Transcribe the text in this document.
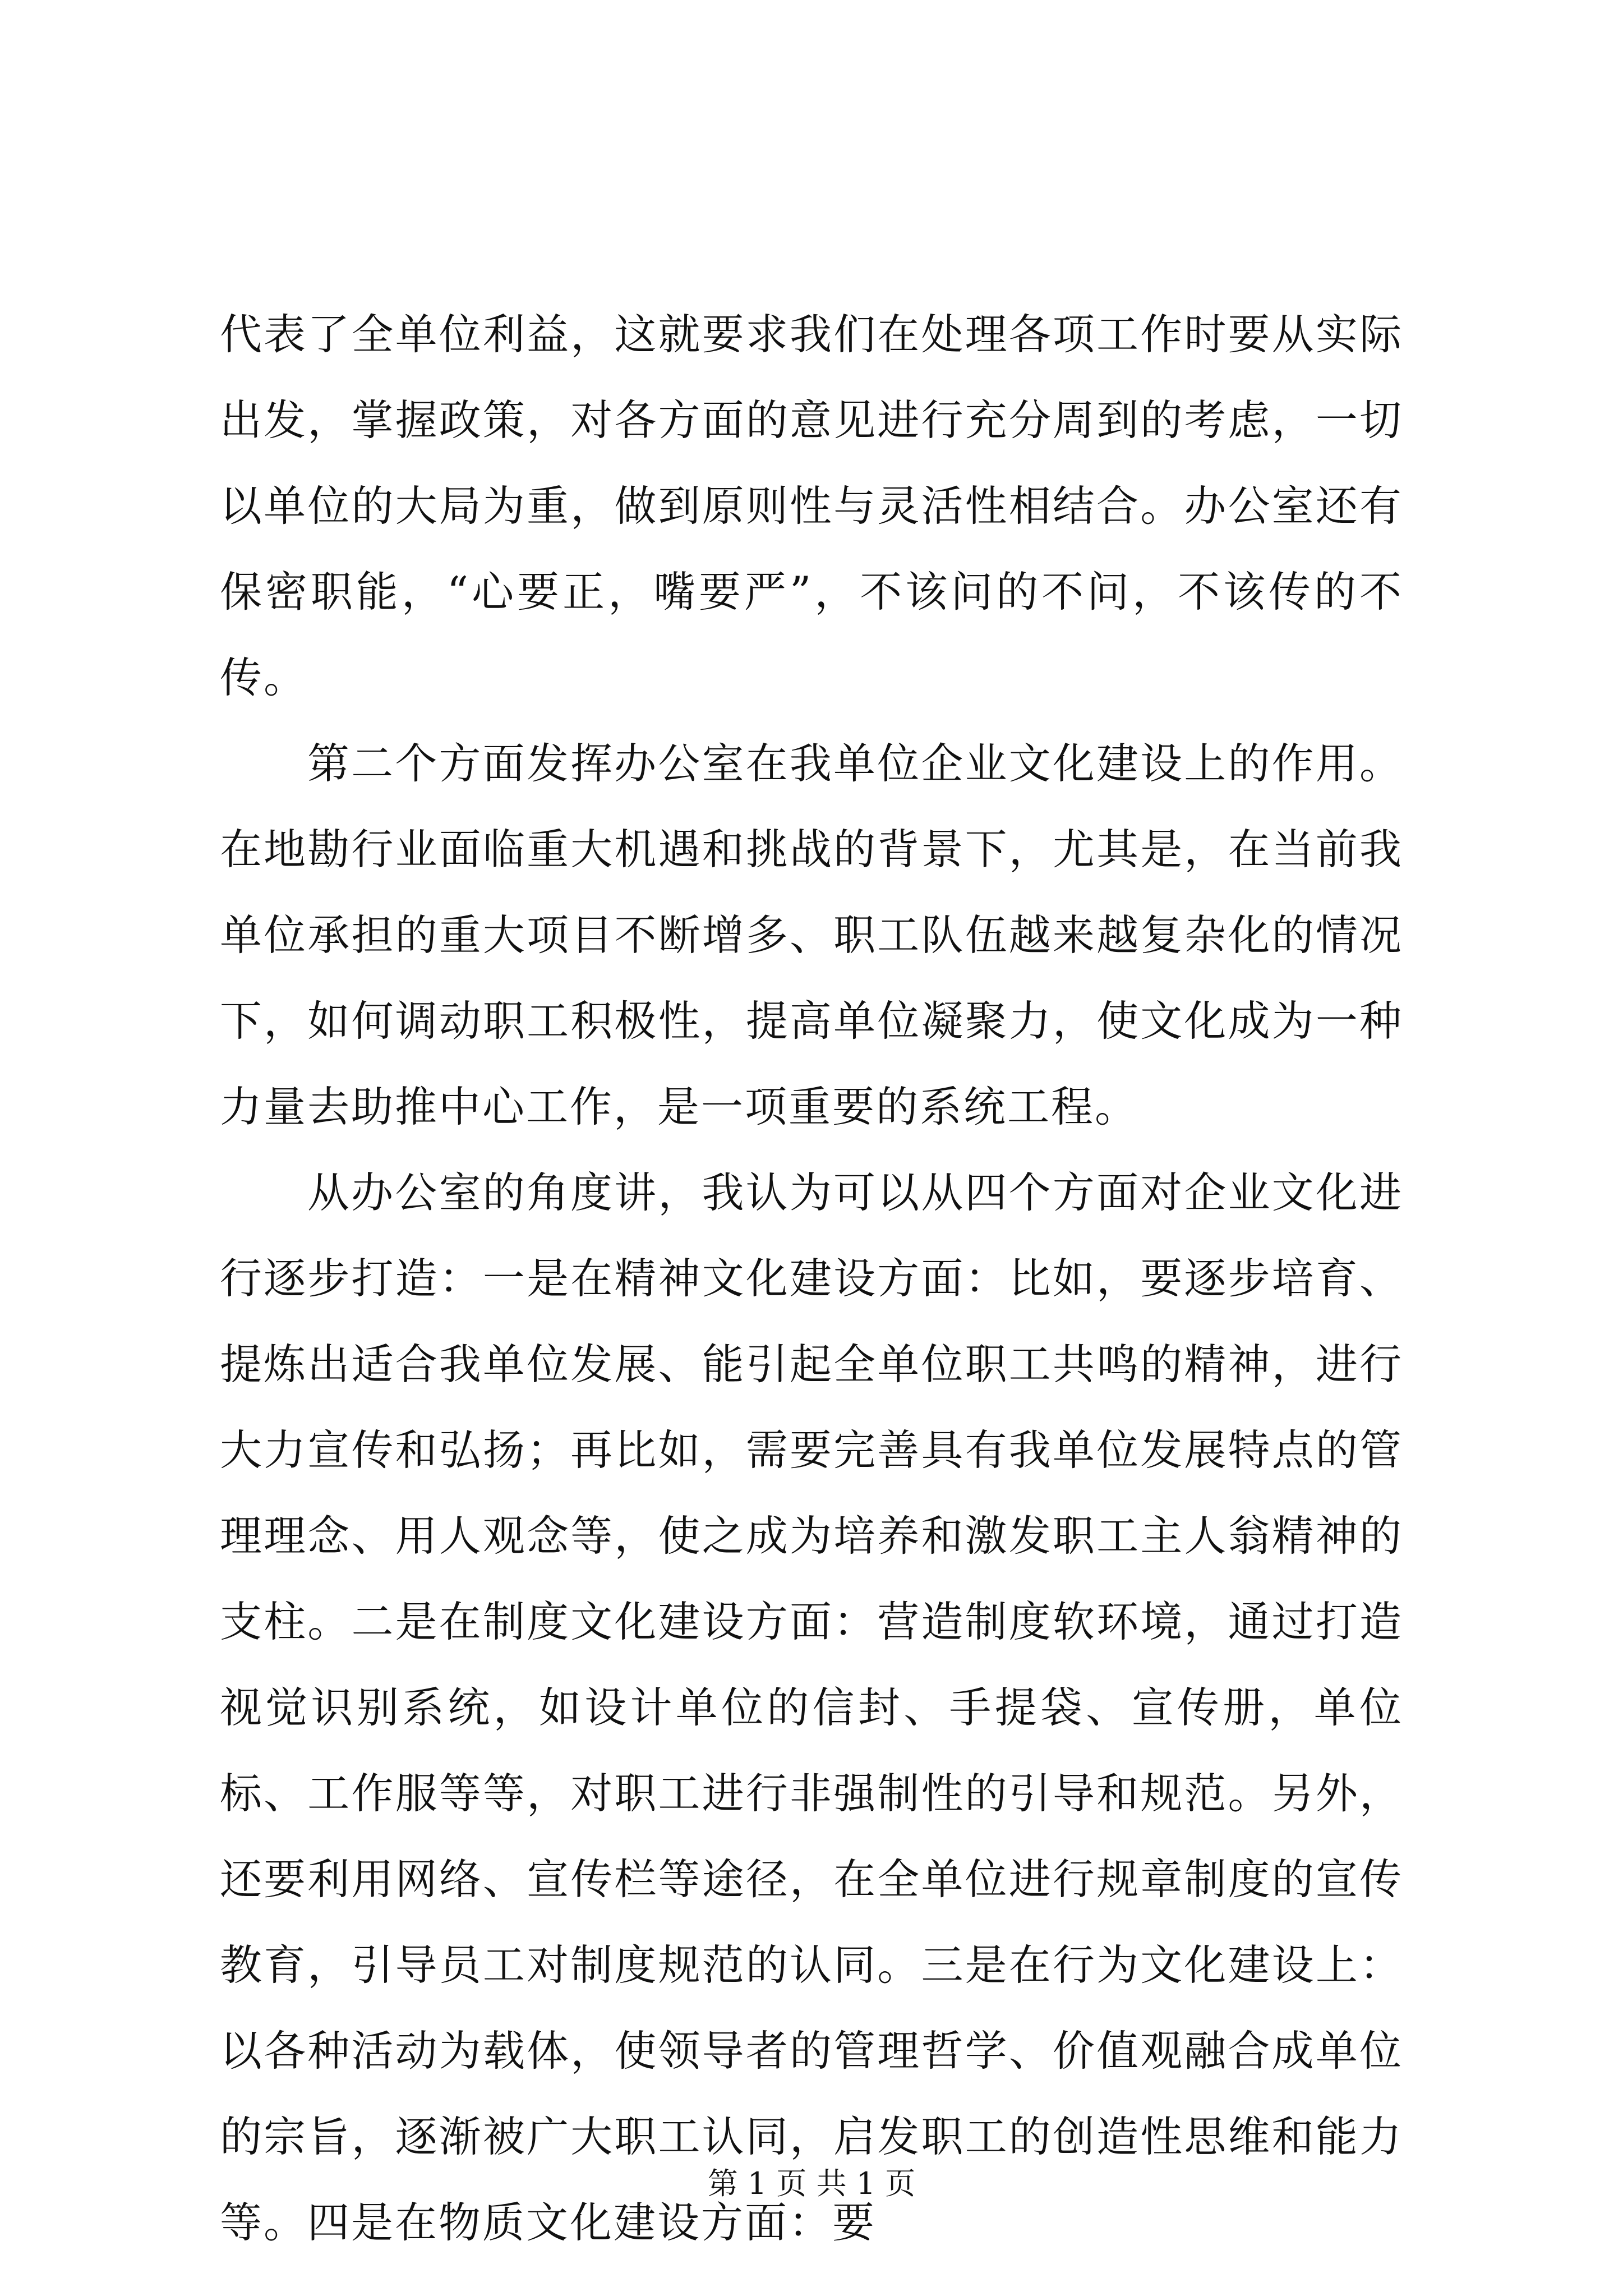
代表了全单位利益，这就要求我们在处理各项工作时要从实际出发，掌握政策，对各方面的意见进行充分周到的考虑，一切以单位的大局为重，做到原则性与灵活性相结合。办公室还有保密职能，“心要正，嘴要严”，不该问的不问，不该传的不传。

第二个方面发挥办公室在我单位企业文化建设上的作用。在地勘行业面临重大机遇和挑战的背景下，尤其是，在当前我单位承担的重大项目不断增多、职工队伍越来越复杂化的情况下，如何调动职工积极性，提高单位凝聚力，使文化成为一种力量去助推中心工作，是一项重要的系统工程。

从办公室的角度讲，我认为可以从四个方面对企业文化进行逐步打造：一是在精神文化建设方面：比如，要逐步培育、提炼出适合我单位发展、能引起全单位职工共鸣的精神，进行大力宣传和弘扬；再比如，需要完善具有我单位发展特点的管理理念、用人观念等，使之成为培养和激发职工主人翁精神的支柱。二是在制度文化建设方面：营造制度软环境，通过打造视觉识别系统，如设计单位的信封、手提袋、宣传册，单位标、工作服等等，对职工进行非强制性的引导和规范。另外，还要利用网络、宣传栏等途径，在全单位进行规章制度的宣传教育，引导员工对制度规范的认同。三是在行为文化建设上：以各种活动为载体，使领导者的管理哲学、价值观融合成单位的宗旨，逐渐被广大职工认同，启发职工的创造性思维和能力等。四是在物质文化建设方面：要

第 1 页 共 1 页
